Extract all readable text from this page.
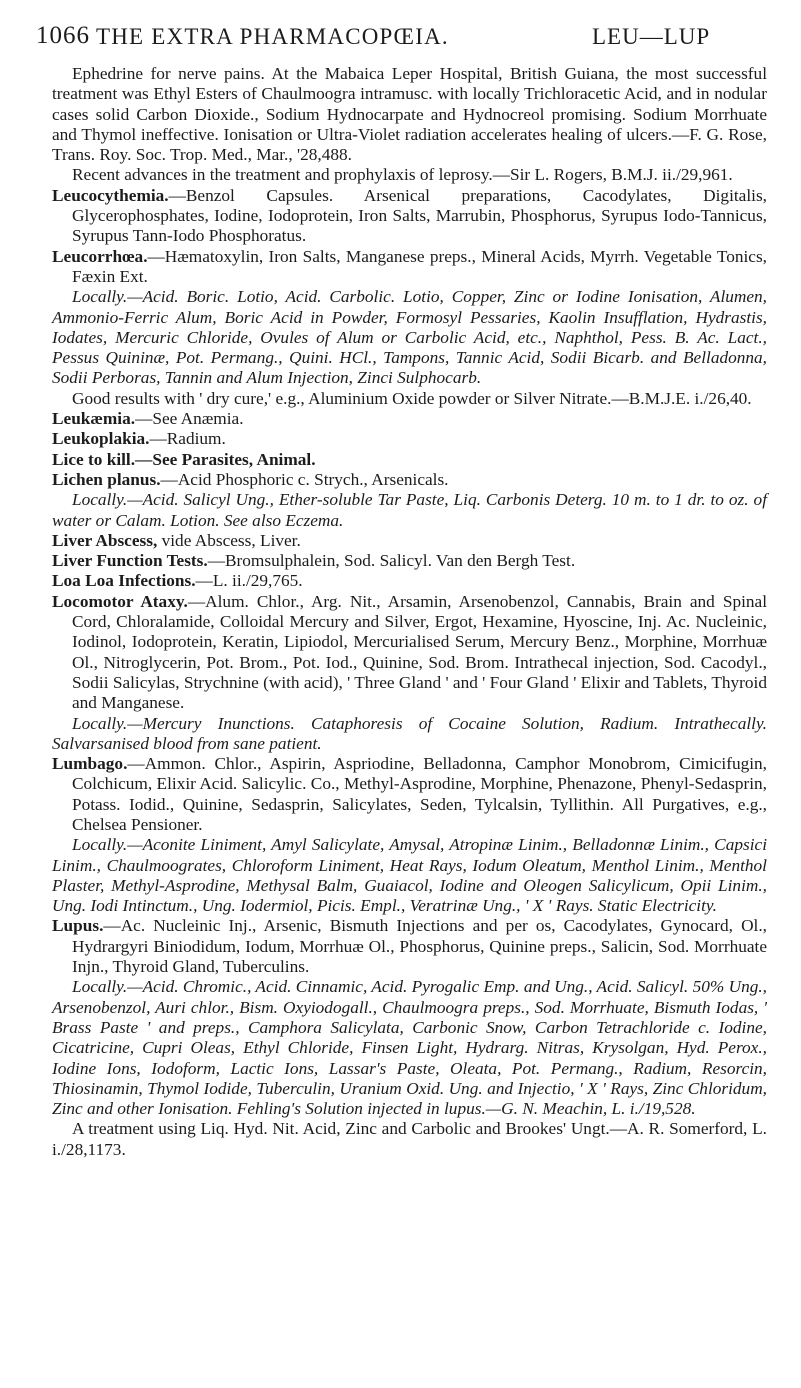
1066 THE EXTRA PHARMACOPŒIA.	LEU—LUP

Ephedrine for nerve pains. At the Mabaica Leper Hospital, British Guiana, the most successful treatment was Ethyl Esters of Chaulmoogra intramusc. with locally Trichloracetic Acid, and in nodular cases solid Carbon Dioxide., Sodium Hydnocarpate and Hydnocreol promising. Sodium Morrhuate and Thymol ineffective. Ionisation or Ultra-Violet radiation accelerates healing of ulcers.—F. G. Rose, Trans. Roy. Soc. Trop. Med., Mar., '28,488.

Recent advances in the treatment and prophylaxis of leprosy.—Sir L. Rogers, B.M.J. ii./29,961.

Leucocythemia.—Benzol Capsules. Arsenical preparations, Cacodylates, Digitalis, Glycerophosphates, Iodine, Iodoprotein, Iron Salts, Marrubin, Phosphorus, Syrupus Iodo-Tannicus, Syrupus Tann-Iodo Phosphoratus.

Leucorrhœa.—Hæmatoxylin, Iron Salts, Manganese preps., Mineral Acids, Myrrh. Vegetable Tonics, Fæxin Ext.

Locally.—Acid. Boric. Lotio, Acid. Carbolic. Lotio, Copper, Zinc or Iodine Ionisation, Alumen, Ammonio-Ferric Alum, Boric Acid in Powder, Formosyl Pessaries, Kaolin Insufflation, Hydrastis, Iodates, Mercuric Chloride, Ovules of Alum or Carbolic Acid, etc., Naphthol, Pess. B. Ac. Lact., Pessus Quininæ, Pot. Permang., Quini. HCl., Tampons, Tannic Acid, Sodii Bicarb. and Belladonna, Sodii Perboras, Tannin and Alum Injection, Zinci Sulphocarb.

Good results with ' dry cure,' e.g., Aluminium Oxide powder or Silver Nitrate.—B.M.J.E. i./26,40.

Leukæmia.—See Anæmia.

Leukoplakia.—Radium.

Lice to kill.—See Parasites, Animal.

Lichen planus.—Acid Phosphoric c. Strych., Arsenicals.

Locally.—Acid. Salicyl Ung., Ether-soluble Tar Paste, Liq. Carbonis Deterg. 10 m. to 1 dr. to oz. of water or Calam. Lotion. See also Eczema.

Liver Abscess, vide Abscess, Liver.

Liver Function Tests.—Bromsulphalein, Sod. Salicyl. Van den Bergh Test.

Loa Loa Infections.—L. ii./29,765.

Locomotor Ataxy.—Alum. Chlor., Arg. Nit., Arsamin, Arsenobenzol, Cannabis, Brain and Spinal Cord, Chloralamide, Colloidal Mercury and Silver, Ergot, Hexamine, Hyoscine, Inj. Ac. Nucleinic, Iodinol, Iodoprotein, Keratin, Lipiodol, Mercurialised Serum, Mercury Benz., Morphine, Morrhuæ Ol., Nitroglycerin, Pot. Brom., Pot. Iod., Quinine, Sod. Brom. Intrathecal injection, Sod. Cacodyl., Sodii Salicylas, Strychnine (with acid), ' Three Gland ' and ' Four Gland ' Elixir and Tablets, Thyroid and Manganese.

Locally.—Mercury Inunctions. Cataphoresis of Cocaine Solution, Radium. Intrathecally. Salvarsanised blood from sane patient.

Lumbago.—Ammon. Chlor., Aspirin, Aspriodine, Belladonna, Camphor Monobrom, Cimicifugin, Colchicum, Elixir Acid. Salicylic. Co., Methyl-Asprodine, Morphine, Phenazone, Phenyl-Sedasprin, Potass. Iodid., Quinine, Sedasprin, Salicylates, Seden, Tylcalsin, Tyllithin. All Purgatives, e.g., Chelsea Pensioner.

Locally.—Aconite Liniment, Amyl Salicylate, Amysal, Atropinæ Linim., Belladonnæ Linim., Capsici Linim., Chaulmoogrates, Chloroform Liniment, Heat Rays, Iodum Oleatum, Menthol Linim., Menthol Plaster, Methyl-Asprodine, Methysal Balm, Guaiacol, Iodine and Oleogen Salicylicum, Opii Linim., Ung. Iodi Intinctum., Ung. Iodermiol, Picis. Empl., Veratrinæ Ung., ' X ' Rays. Static Electricity.

Lupus.—Ac. Nucleinic Inj., Arsenic, Bismuth Injections and per os, Cacodylates, Gynocard, Ol., Hydrargyri Biniodidum, Iodum, Morrhuæ Ol., Phosphorus, Quinine preps., Salicin, Sod. Morrhuate Injn., Thyroid Gland, Tuberculins.

Locally.—Acid. Chromic., Acid. Cinnamic, Acid. Pyrogalic Emp. and Ung., Acid. Salicyl. 50% Ung., Arsenobenzol, Auri chlor., Bism. Oxyiodogall., Chaulmoogra preps., Sod. Morrhuate, Bismuth Iodas, ' Brass Paste ' and preps., Camphora Salicylata, Carbonic Snow, Carbon Tetrachloride c. Iodine, Cicatricine, Cupri Oleas, Ethyl Chloride, Finsen Light, Hydrarg. Nitras, Krysolgan, Hyd. Perox., Iodine Ions, Iodoform, Lactic Ions, Lassar's Paste, Oleata, Pot. Permang., Radium, Resorcin, Thiosinamin, Thymol Iodide, Tuberculin, Uranium Oxid. Ung. and Injectio, ' X ' Rays, Zinc Chloridum, Zinc and other Ionisation. Fehling's Solution injected in lupus.—G. N. Meachin, L. i./19,528.

A treatment using Liq. Hyd. Nit. Acid, Zinc and Carbolic and Brookes' Ungt.—A. R. Somerford, L. i./28,1173.
